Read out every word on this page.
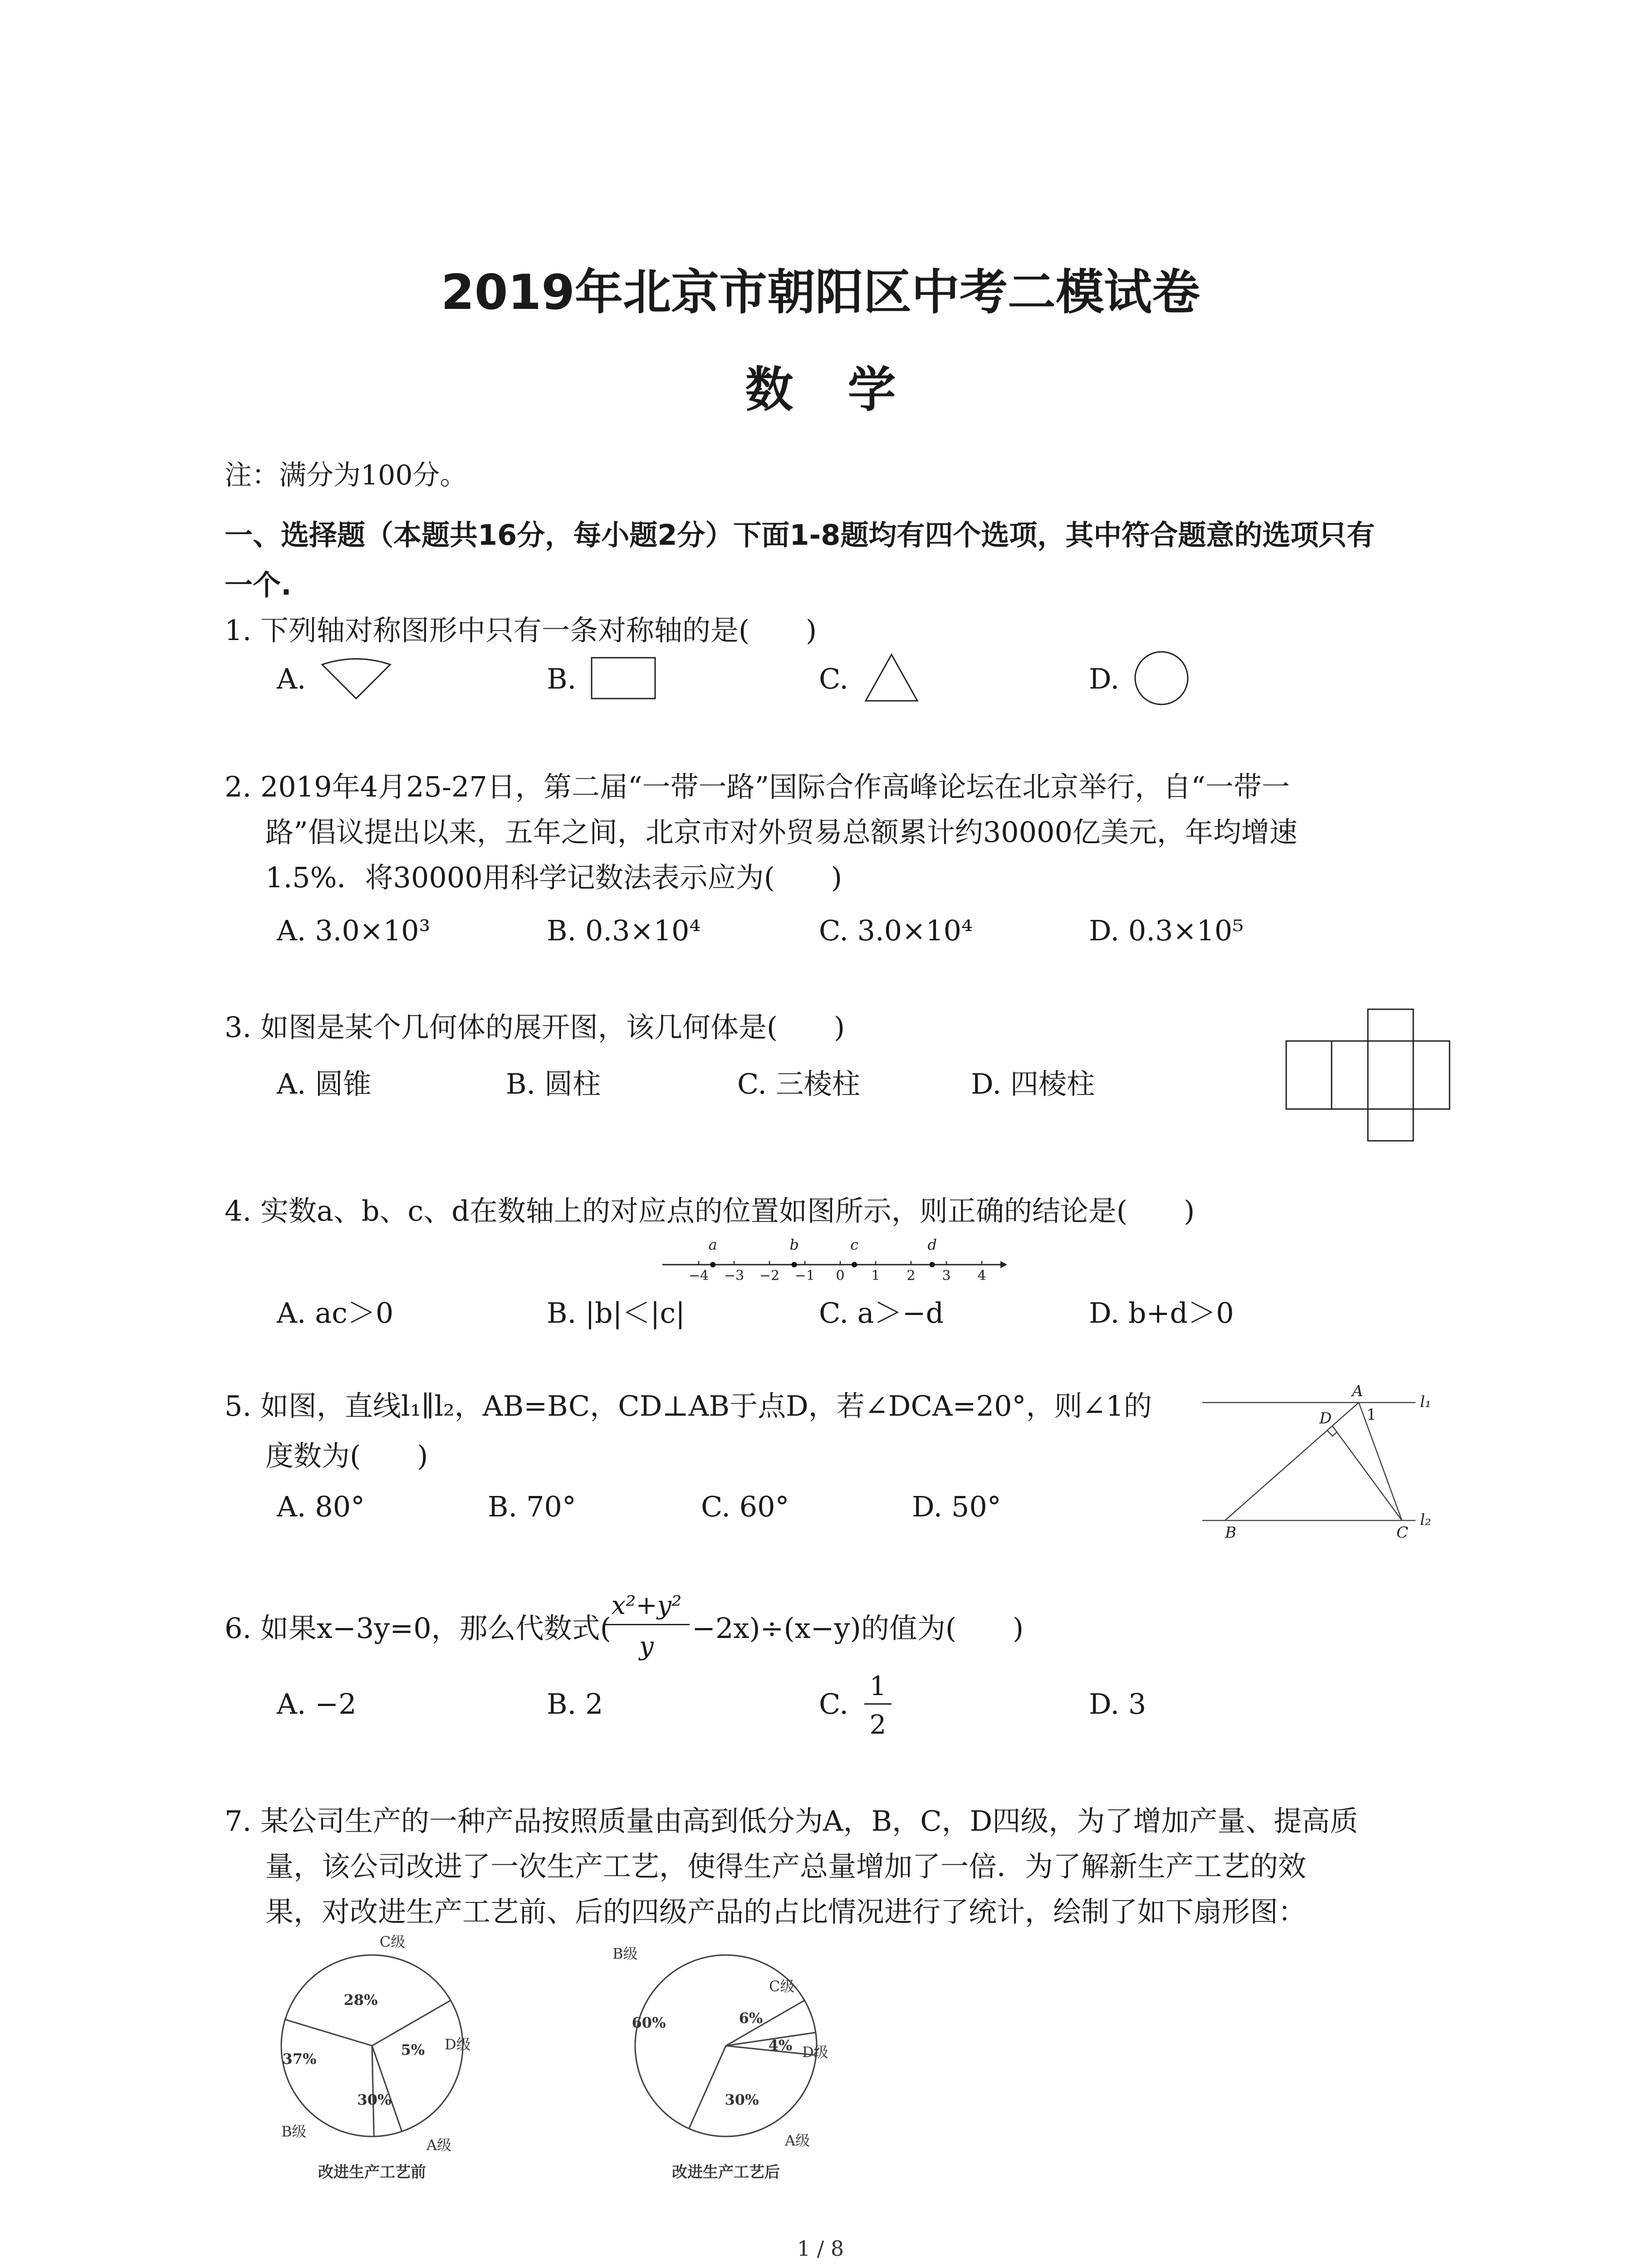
2019年北京市朝阳区中考二模试卷
数学
注：满分为100分。
一、选择题（本题共16分，每小题2分）下面1-8题均有四个选项，其中符合题意的选项只有
一个.
1. 下列轴对称图形中只有一条对称轴的是(　　)
A.	B.	C.	D.
2. 2019年4月25-27日，第二届“一带一路”国际合作高峰论坛在北京举行，自“一带一
路”倡议提出以来，五年之间，北京市对外贸易总额累计约30000亿美元，年均增速
1.5%．将30000用科学记数法表示应为(　　)
A. 3.0×10³	B. 0.3×10⁴	C. 3.0×10⁴	D. 0.3×10⁵
3. 如图是某个几何体的展开图，该几何体是(　　)
A. 圆锥	B. 圆柱	C. 三棱柱	D. 四棱柱
4. 实数a、b、c、d在数轴上的对应点的位置如图所示，则正确的结论是(　　)
−4 −3 −2 −1 0 1 2 3 4
a	b	c	d
A. ac＞0	B. |b|＜|c|	C. a＞−d	D. b+d＞0
5. 如图，直线l₁∥l₂，AB=BC，CD⊥AB于点D，若∠DCA=20°，则∠1的
度数为(　　)
A. 80°	B. 70°	C. 60°	D. 50°
A
D 1
l₁
B	C
l₂
6. 如果x−3y=0，那么代数式(
x²+y²
y
−2x)÷(x−y)的值为(　　)
A. −2	B. 2	C.
1
2
D. 3
7. 某公司生产的一种产品按照质量由高到低分为A，B，C，D四级，为了增加产量、提高质
量，该公司改进了一次生产工艺，使得生产总量增加了一倍．为了解新生产工艺的效
果，对改进生产工艺前、后的四级产品的占比情况进行了统计，绘制了如下扇形图：
28%
C级
5% D级
30%
A级
37%
B级
改进生产工艺前
6%
C级
4% D级
30%
A级
60%
B级
改进生产工艺后
1 / 8
